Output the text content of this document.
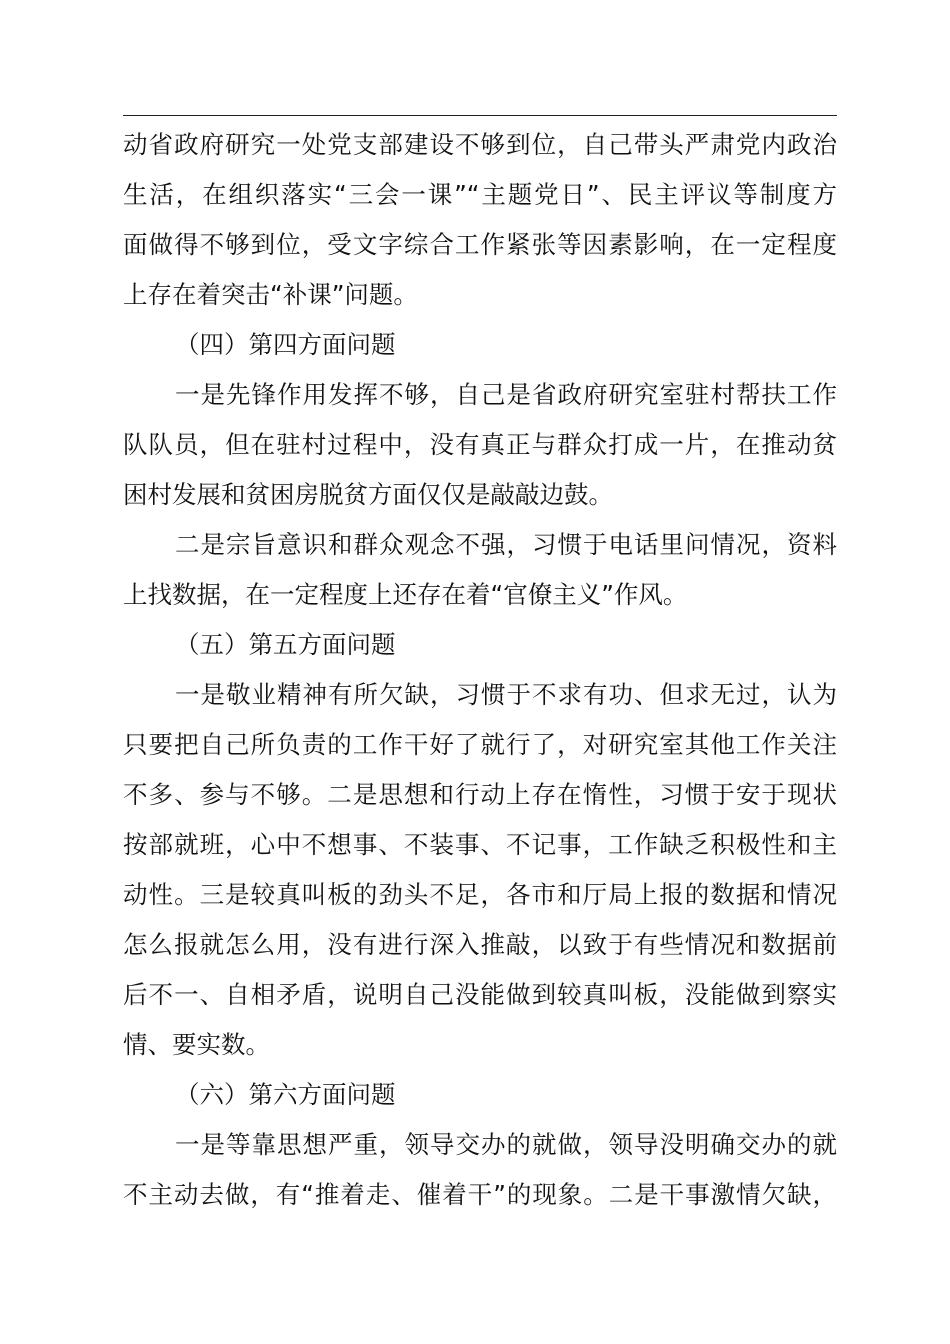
动省政府研究一处党支部建设不够到位，自己带头严肃党内政治
生活，在组织落实“三会一课”“主题党日”、民主评议等制度方
面做得不够到位，受文字综合工作紧张等因素影响，在一定程度
上存在着突击“补课”问题。
（四）第四方面问题
一是先锋作用发挥不够，自己是省政府研究室驻村帮扶工作
队队员，但在驻村过程中，没有真正与群众打成一片，在推动贫
困村发展和贫困房脱贫方面仅仅是敲敲边鼓。
二是宗旨意识和群众观念不强，习惯于电话里问情况，资料
上找数据，在一定程度上还存在着“官僚主义”作风。
（五）第五方面问题
一是敬业精神有所欠缺，习惯于不求有功、但求无过，认为
只要把自己所负责的工作干好了就行了，对研究室其他工作关注
不多、参与不够。二是思想和行动上存在惰性，习惯于安于现状
按部就班，心中不想事、不装事、不记事，工作缺乏积极性和主
动性。三是较真叫板的劲头不足，各市和厅局上报的数据和情况
怎么报就怎么用，没有进行深入推敲，以致于有些情况和数据前
后不一、自相矛盾，说明自己没能做到较真叫板，没能做到察实
情、要实数。
（六）第六方面问题
一是等靠思想严重，领导交办的就做，领导没明确交办的就
不主动去做，有“推着走、催着干”的现象。二是干事激情欠缺，
